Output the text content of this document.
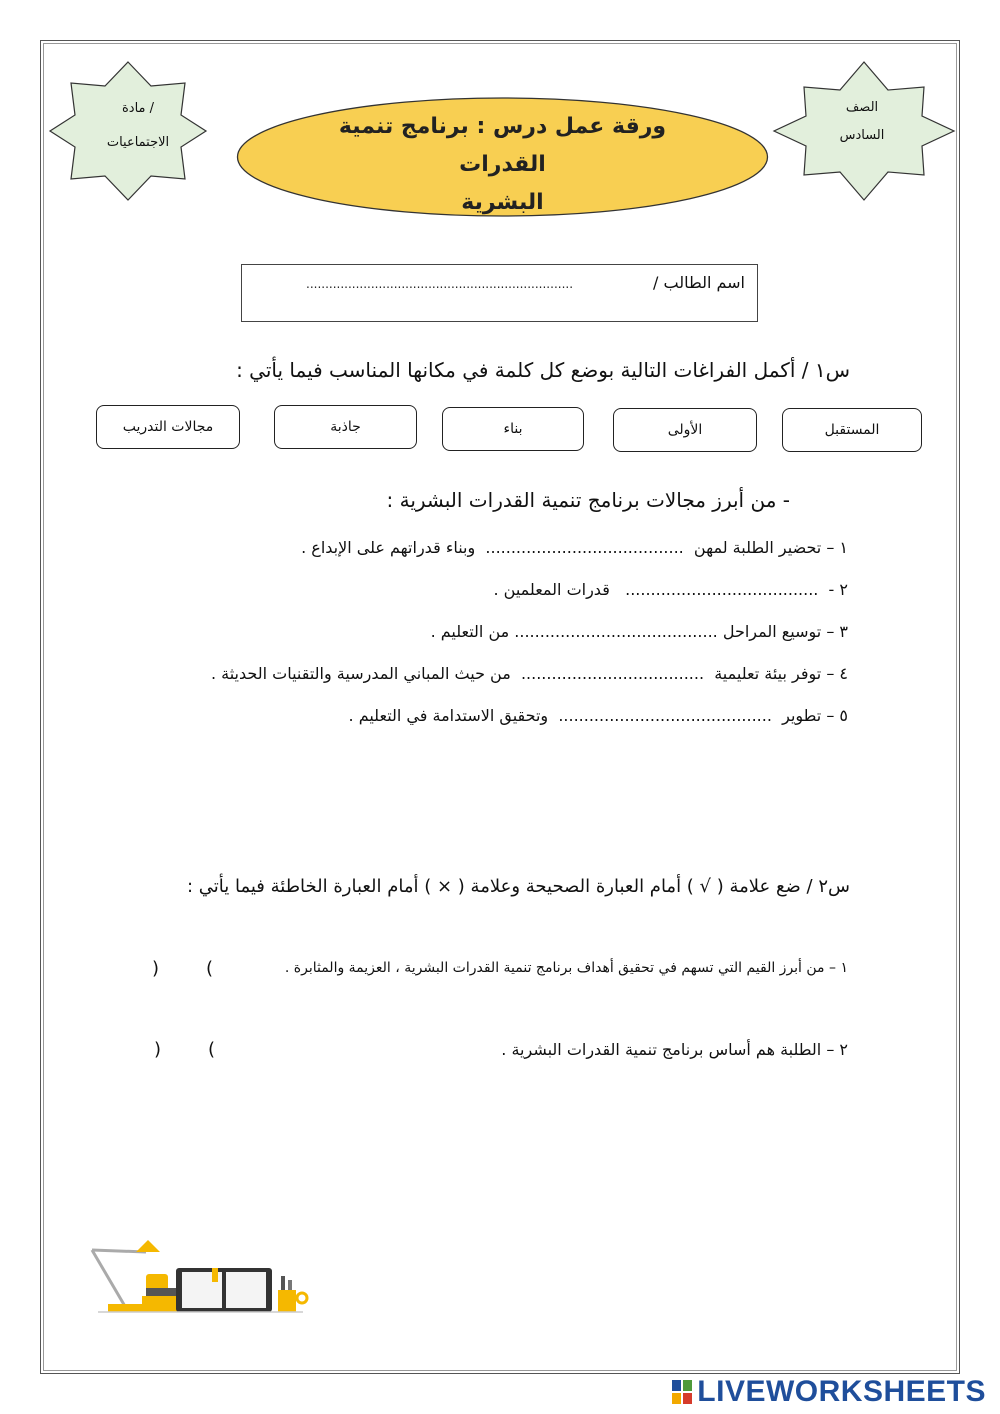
مادة /
الاجتماعيات
الصف
السادس
ورقة عمل درس : برنامج تنمية القدرات
البشرية
اسم الطالب /
......................................................................
س١ / أكمل الفراغات التالية بوضع كل كلمة في مكانها المناسب فيما يأتي :
المستقبل
الأولى
بناء
جاذبة
مجالات التدريب
- من أبرز مجالات برنامج تنمية القدرات البشرية :
١ – تحضير الطلبة لمهن  .......................................  وبناء قدراتهم على الإبداع .
٢ -  ......................................   قدرات المعلمين .
٣ – توسيع المراحل ........................................ من التعليم .
٤ – توفر بيئة تعليمية  ....................................  من حيث المباني المدرسية والتقنيات الحديثة .
٥ – تطوير  ..........................................  وتحقيق الاستدامة في التعليم .
س٢ / ضع علامة ( √ ) أمام العبارة الصحيحة وعلامة ( × ) أمام العبارة الخاطئة فيما يأتي :
١ – من أبرز القيم التي تسهم في تحقيق أهداف برنامج تنمية القدرات البشرية ، العزيمة والمثابرة .
(
)
٢ – الطلبة هم أساس برنامج تنمية القدرات البشرية .
(
)
LIVEWORKSHEETS
